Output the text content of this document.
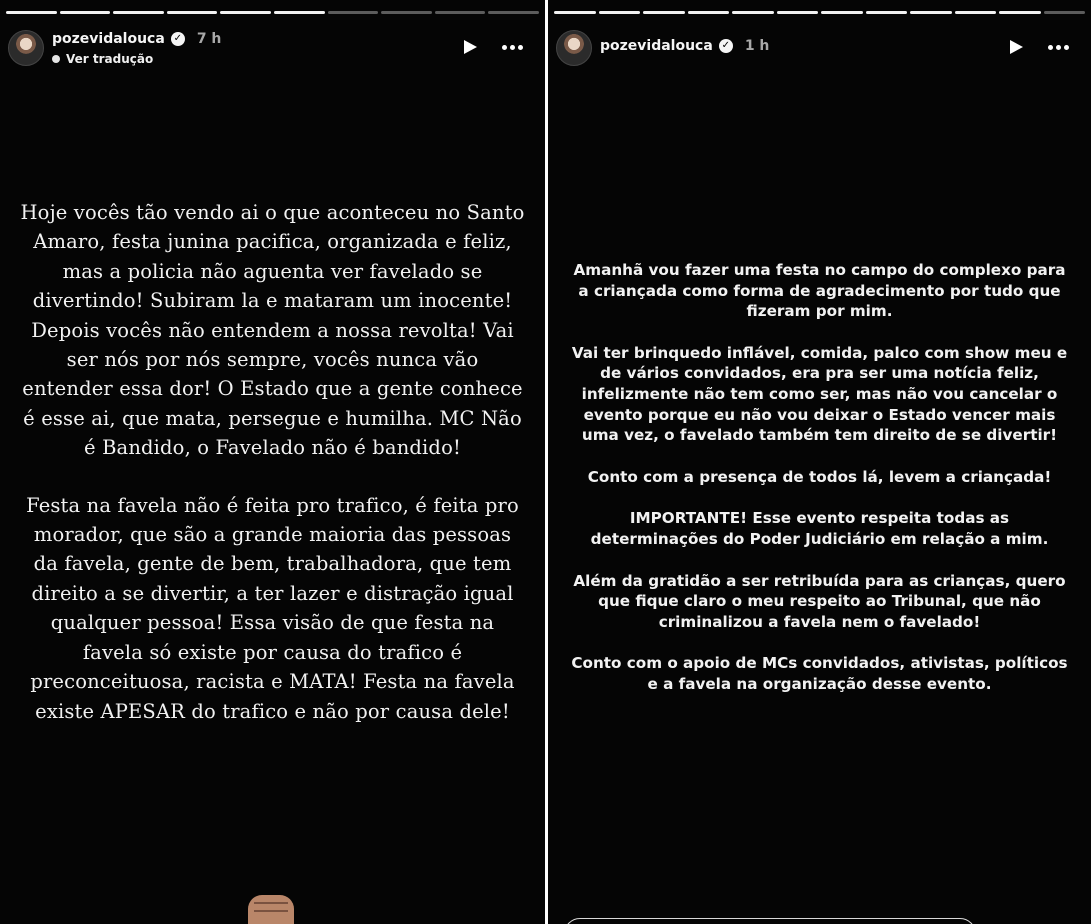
pozevidalouca ✓ 7 h
Ver tradução

Hoje vocês tão vendo ai o que aconteceu no Santo Amaro, festa junina pacifica, organizada e feliz, mas a policia não aguenta ver favelado se divertindo! Subiram la e mataram um inocente! Depois vocês não entendem a nossa revolta! Vai ser nós por nós sempre, vocês nunca vão entender essa dor! O Estado que a gente conhece é esse ai, que mata, persegue e humilha. MC Não é Bandido, o Favelado não é bandido!

Festa na favela não é feita pro trafico, é feita pro morador, que são a grande maioria das pessoas da favela, gente de bem, trabalhadora, que tem direito a se divertir, a ter lazer e distração igual qualquer pessoa! Essa visão de que festa na favela só existe por causa do trafico é preconceituosa, racista e MATA! Festa na favela existe APESAR do trafico e não por causa dele!

pozevidalouca ✓ 1 h

Amanhã vou fazer uma festa no campo do complexo para a criançada como forma de agradecimento por tudo que fizeram por mim.

Vai ter brinquedo inflável, comida, palco com show meu e de vários convidados, era pra ser uma notícia feliz, infelizmente não tem como ser, mas não vou cancelar o evento porque eu não vou deixar o Estado vencer mais uma vez, o favelado também tem direito de se divertir!

Conto com a presença de todos lá, levem a criançada!

IMPORTANTE! Esse evento respeita todas as determinações do Poder Judiciário em relação a mim.

Além da gratidão a ser retribuída para as crianças, quero que fique claro o meu respeito ao Tribunal, que não criminalizou a favela nem o favelado!

Conto com o apoio de MCs convidados, ativistas, políticos e a favela na organização desse evento.
